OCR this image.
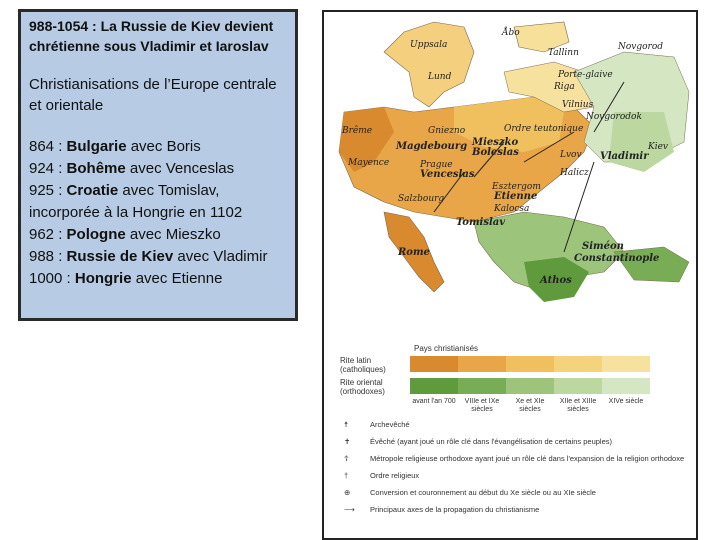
988-1054 : La Russie de Kiev devient chrétienne sous Vladimir et Iaroslav

Christianisations de l’Europe centrale et orientale

864 : Bulgarie avec Boris

924 : Bohême avec Venceslas

925 : Croatie avec Tomislav, incorporée à la Hongrie en 1102

962 : Pologne avec Mieszko

988 : Russie de Kiev avec Vladimir

1000 : Hongrie avec Etienne

Åbo
Uppsala
Tallinn
Novgorod
Porte-glaive
Lund
Riga
Vilnius
Novgorodok
Brême	Gniezno	Ordre teutonique
Magdebourg Mieszko
Boleslas	Lvov Vladimir
Kiev
Mayence	Prague
Venceslas	Halicz
Esztergom
Etienne
Salzbourg
Kalocsa
Tomislav
Rome
Siméon
Constantinople
Athos
Pays christianisés
Rite latin (catholiques)
Rite oriental (orthodoxes)
avant l'an 700	VIIIe et IXe siècles
Xe et XIe siècles
XIIe et XIIIe siècles
XIVe siècle
☨	Archevêché
✝	Évêché (ayant joué un rôle clé dans l'évangélisation de certains peuples)
☦	Métropole religieuse orthodoxe ayant joué un rôle clé dans l'expansion de la religion orthodoxe
†	Ordre religieux
⊕	Conversion et couronnement au début du Xe siècle ou au XIe siècle
⟶	Principaux axes de la propagation du christianisme
